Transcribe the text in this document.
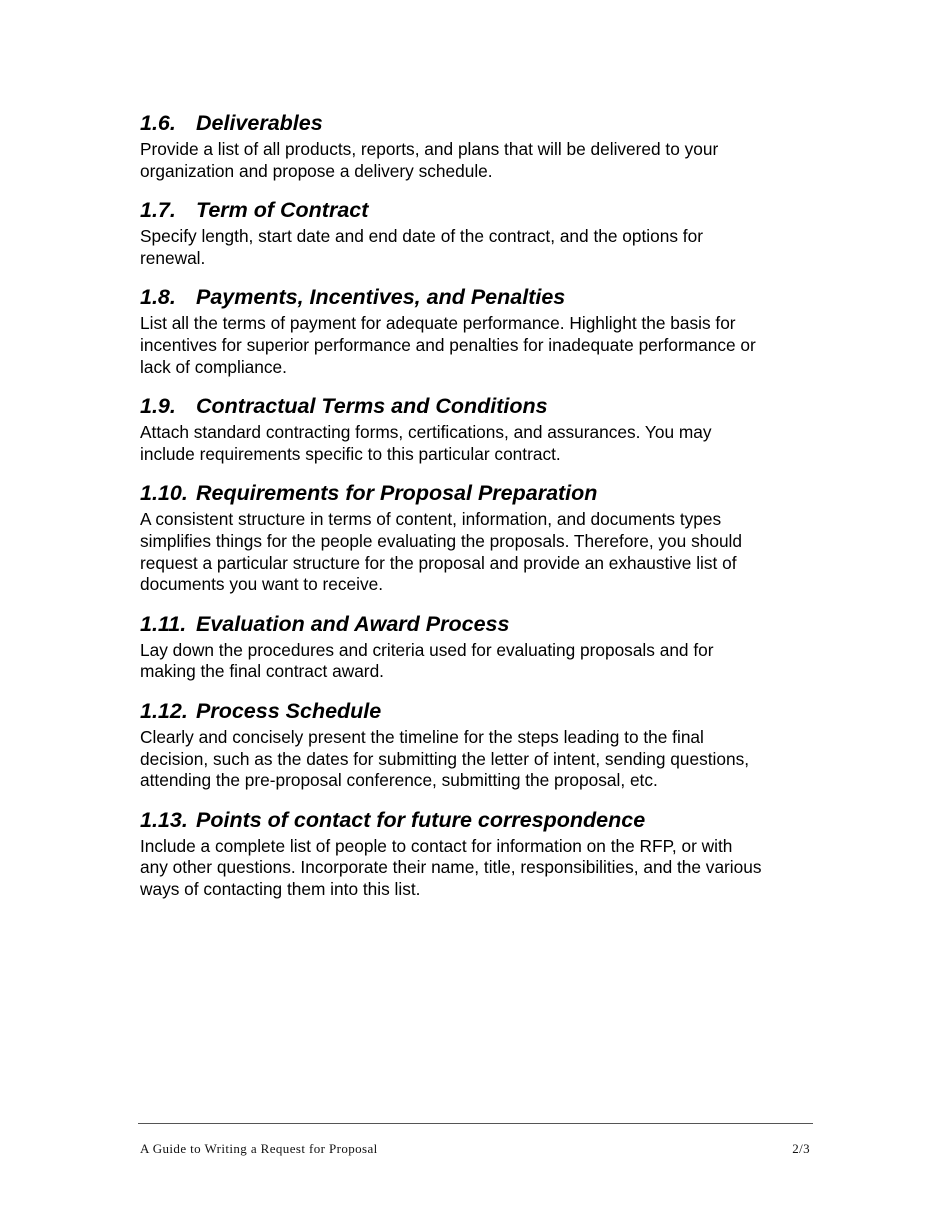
1.6. Deliverables

Provide a list of all products, reports, and plans that will be delivered to your
organization and propose a delivery schedule.

1.7. Term of Contract

Specify length, start date and end date of the contract, and the options for
renewal.

1.8. Payments, Incentives, and Penalties

List all the terms of payment for adequate performance. Highlight the basis for
incentives for superior performance and penalties for inadequate performance or
lack of compliance.

1.9. Contractual Terms and Conditions

Attach standard contracting forms, certifications, and assurances. You may
include requirements specific to this particular contract.

1.10. Requirements for Proposal Preparation

A consistent structure in terms of content, information, and documents types
simplifies things for the people evaluating the proposals. Therefore, you should
request a particular structure for the proposal and provide an exhaustive list of
documents you want to receive.

1.11. Evaluation and Award Process

Lay down the procedures and criteria used for evaluating proposals and for
making the final contract award.

1.12. Process Schedule

Clearly and concisely present the timeline for the steps leading to the final
decision, such as the dates for submitting the letter of intent, sending questions,
attending the pre-proposal conference, submitting the proposal, etc.

1.13. Points of contact for future correspondence

Include a complete list of people to contact for information on the RFP, or with
any other questions. Incorporate their name, title, responsibilities, and the various
ways of contacting them into this list.

A Guide to Writing a Request for Proposal	2/3
